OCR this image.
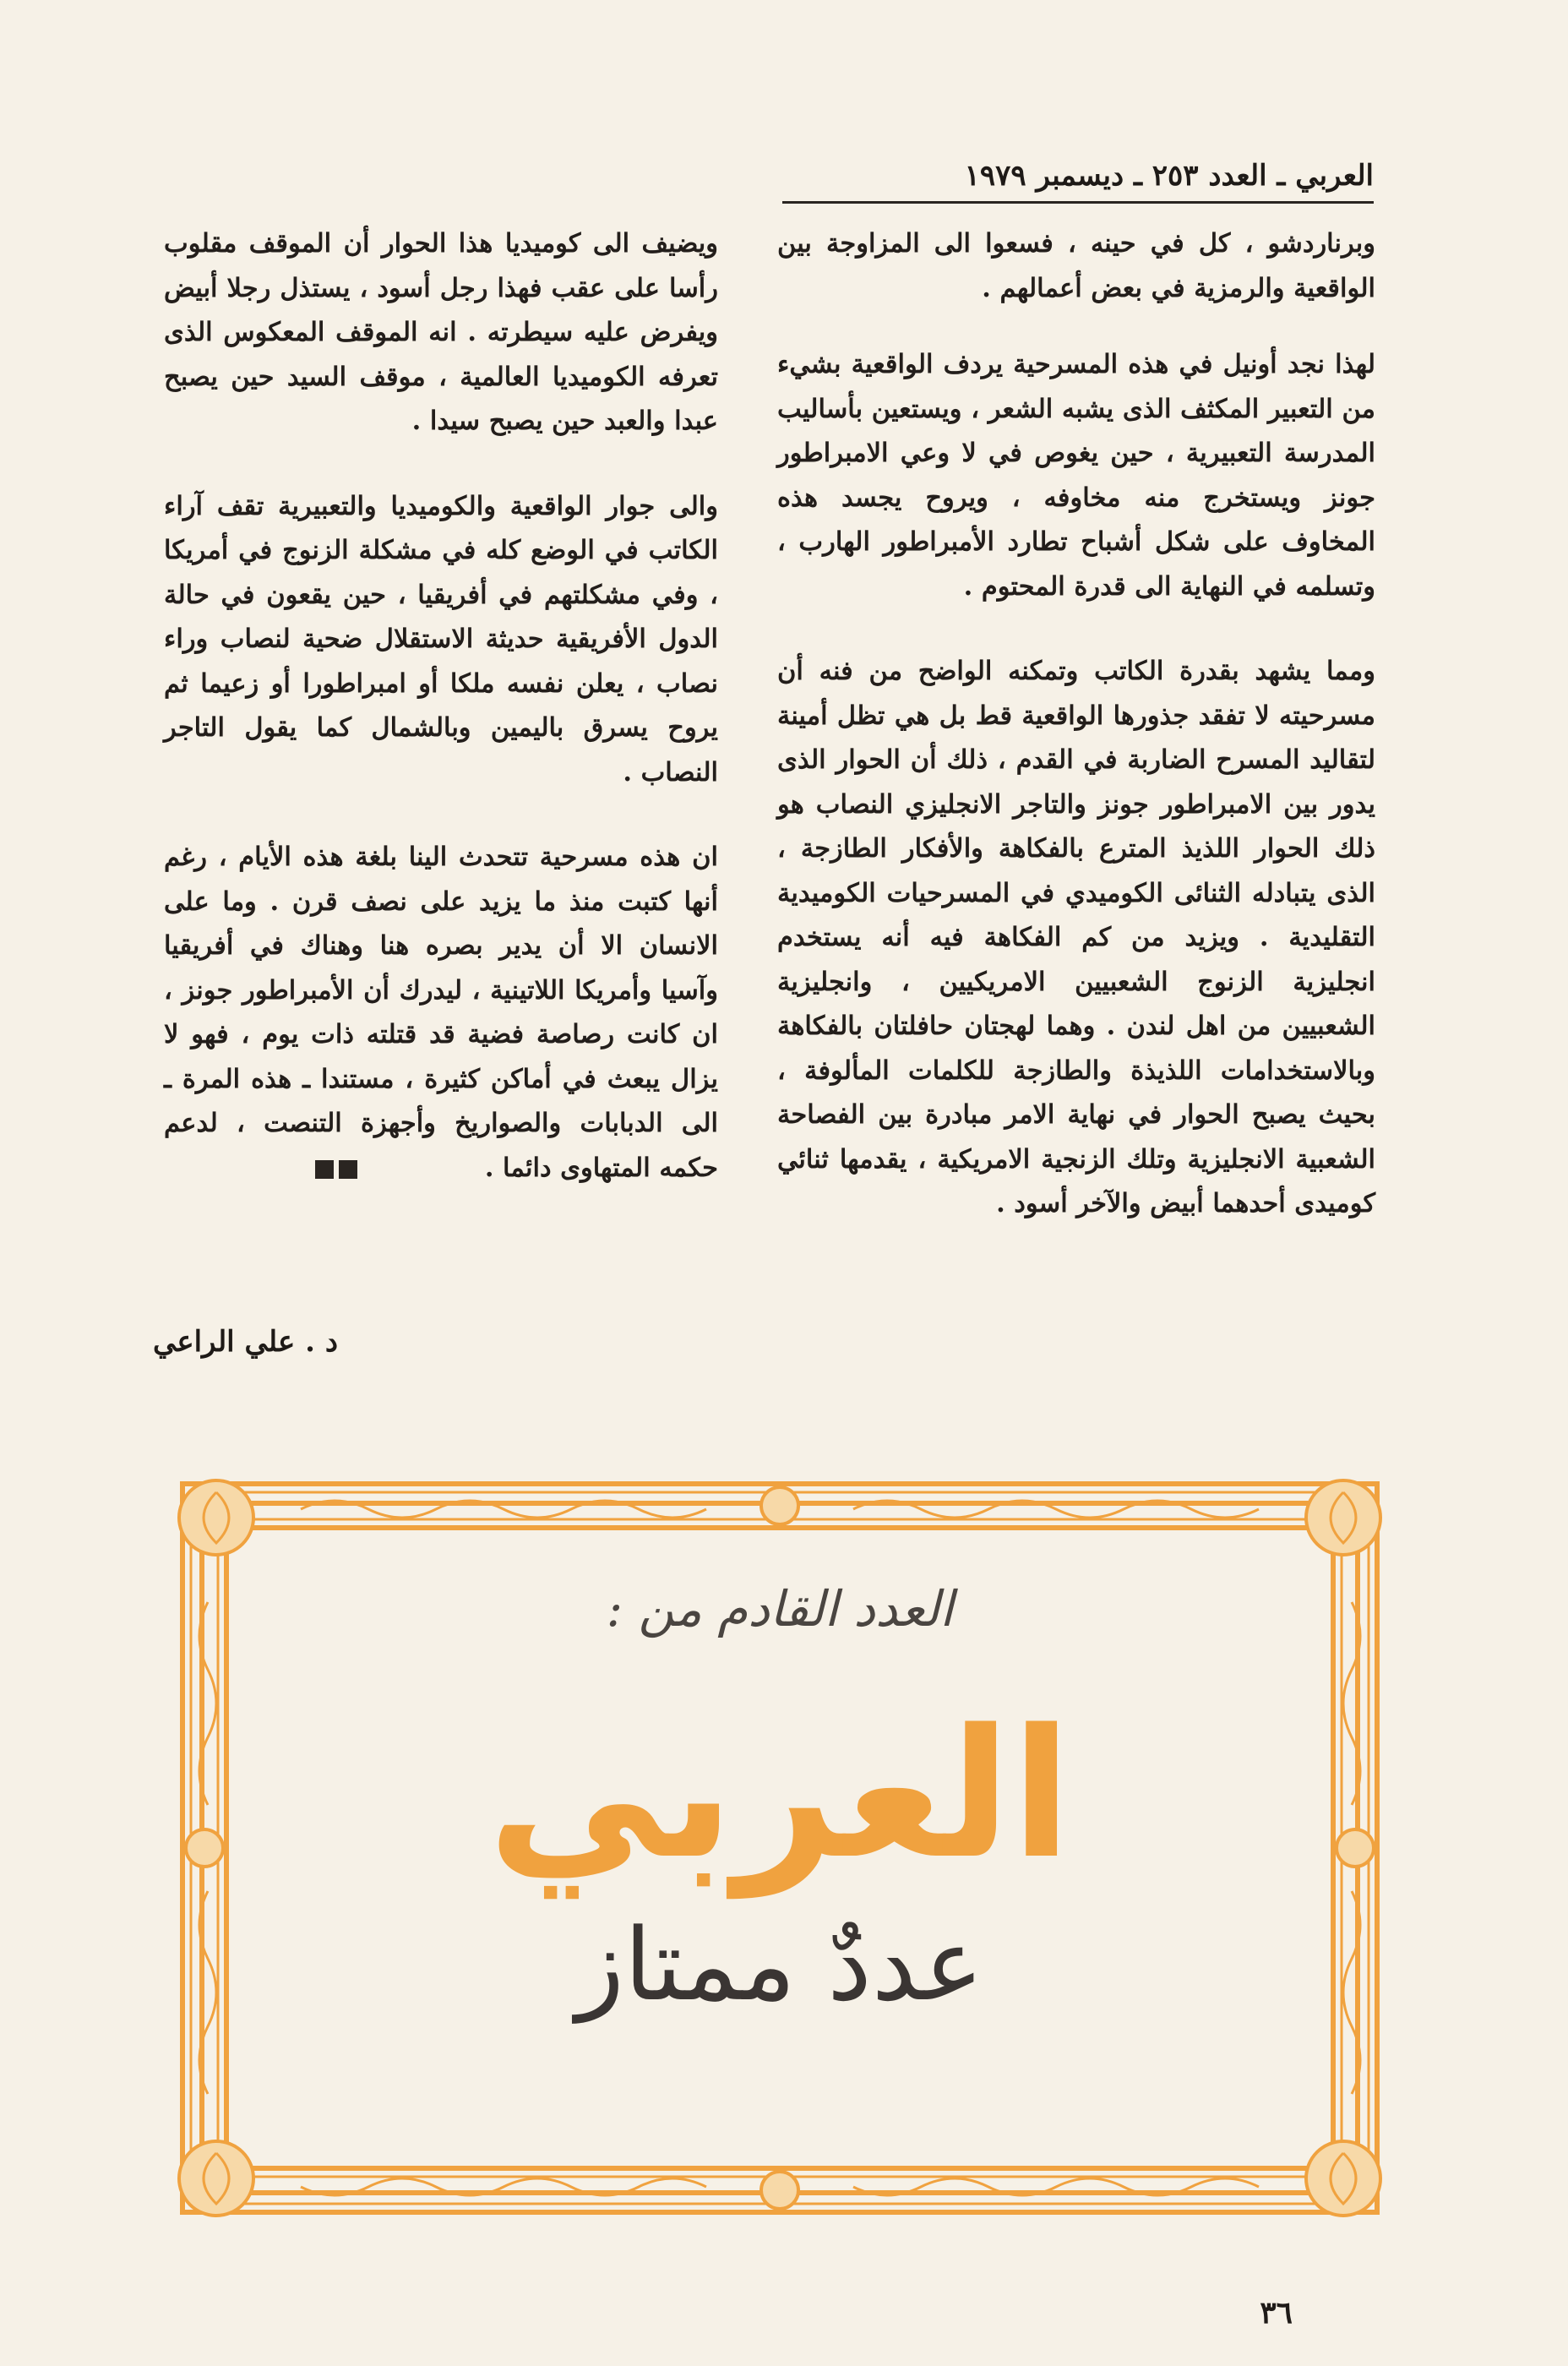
العربي ـ العدد ٢٥٣ ـ ديسمبر ١٩٧٩

وبرناردشو ، كل في حينه ، فسعوا الى المزاوجة بين الواقعية والرمزية في بعض أعمالهم .

لهذا نجد أونيل في هذه المسرحية يردف الواقعية بشيء من التعبير المكثف الذى يشبه الشعر ، ويستعين بأساليب المدرسة التعبيرية ، حين يغوص في لا وعي الامبراطور جونز ويستخرج منه مخاوفه ، ويروح يجسد هذه المخاوف على شكل أشباح تطارد الأمبراطور الهارب ، وتسلمه في النهاية الى قدرة المحتوم .

ومما يشهد بقدرة الكاتب وتمكنه الواضح من فنه أن مسرحيته لا تفقد جذورها الواقعية قط بل هي تظل أمينة لتقاليد المسرح الضاربة في القدم ، ذلك أن الحوار الذى يدور بين الامبراطور جونز والتاجر الانجليزي النصاب هو ذلك الحوار اللذيذ المترع بالفكاهة والأفكار الطازجة ، الذى يتبادله الثنائى الكوميدي في المسرحيات الكوميدية التقليدية . ويزيد من كم الفكاهة فيه أنه يستخدم انجليزية الزنوج الشعبيين الامريكيين ، وانجليزية الشعبيين من اهل لندن . وهما لهجتان حافلتان بالفكاهة وبالاستخدامات اللذيذة والطازجة للكلمات المألوفة ، بحيث يصبح الحوار في نهاية الامر مبادرة بين الفصاحة الشعبية الانجليزية وتلك الزنجية الامريكية ، يقدمها ثنائي كوميدى أحدهما أبيض والآخر أسود .

ويضيف الى كوميديا هذا الحوار أن الموقف مقلوب رأسا على عقب فهذا رجل أسود ، يستذل رجلا أبيض ويفرض عليه سيطرته . انه الموقف المعكوس الذى تعرفه الكوميديا العالمية ، موقف السيد حين يصبح عبدا والعبد حين يصبح سيدا .

والى جوار الواقعية والكوميديا والتعبيرية تقف آراء الكاتب في الوضع كله في مشكلة الزنوج في أمريكا ، وفي مشكلتهم في أفريقيا ، حين يقعون في حالة الدول الأفريقية حديثة الاستقلال ضحية لنصاب وراء نصاب ، يعلن نفسه ملكا أو امبراطورا أو زعيما ثم يروح يسرق باليمين وبالشمال كما يقول التاجر النصاب .

ان هذه مسرحية تتحدث الينا بلغة هذه الأيام ، رغم أنها كتبت منذ ما يزيد على نصف قرن . وما على الانسان الا أن يدير بصره هنا وهناك في أفريقيا وآسيا وأمريكا اللاتينية ، ليدرك أن الأمبراطور جونز ، ان كانت رصاصة فضية قد قتلته ذات يوم ، فهو لا يزال يبعث في أماكن كثيرة ، مستندا ـ هذه المرة ـ الى الدبابات والصواريخ وأجهزة التنصت ، لدعم حكمه المتهاوى دائما .

د . علي الراعي
العدد القادم من :
العربي
عددٌ ممتاز
٣٦
